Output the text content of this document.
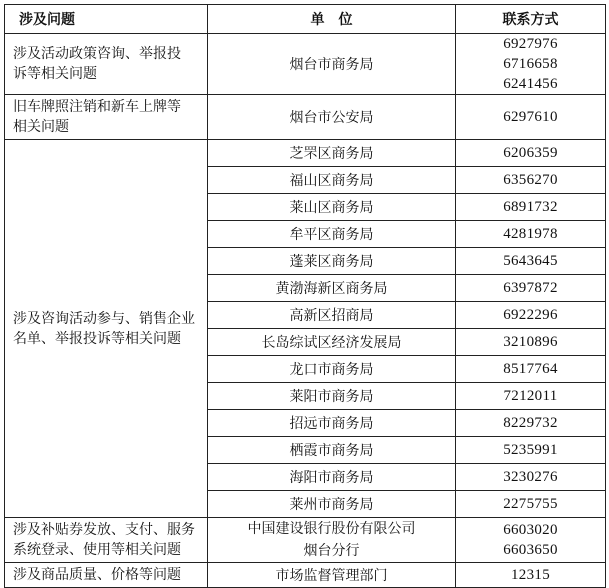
涉及问题	单　位	联系方式

涉及活动政策咨询、举报投
诉等相关问题	烟台市商务局	6927976
6716658
6241456

旧车牌照注销和新车上牌等
相关问题	烟台市公安局	6297610

涉及咨询活动参与、销售企业
名单、举报投诉等相关问题	芝罘区商务局	6206359
	福山区商务局	6356270
	莱山区商务局	6891732
	牟平区商务局	4281978
	蓬莱区商务局	5643645
	黄渤海新区商务局	6397872
	高新区招商局	6922296
	长岛综试区经济发展局	3210896
	龙口市商务局	8517764
	莱阳市商务局	7212011
	招远市商务局	8229732
	栖霞市商务局	5235991
	海阳市商务局	3230276
	莱州市商务局	2275755

涉及补贴券发放、支付、服务
系统登录、使用等相关问题	中国建设银行股份有限公司
烟台分行	6603020
6603650

涉及商品质量、价格等问题	市场监督管理部门	12315
